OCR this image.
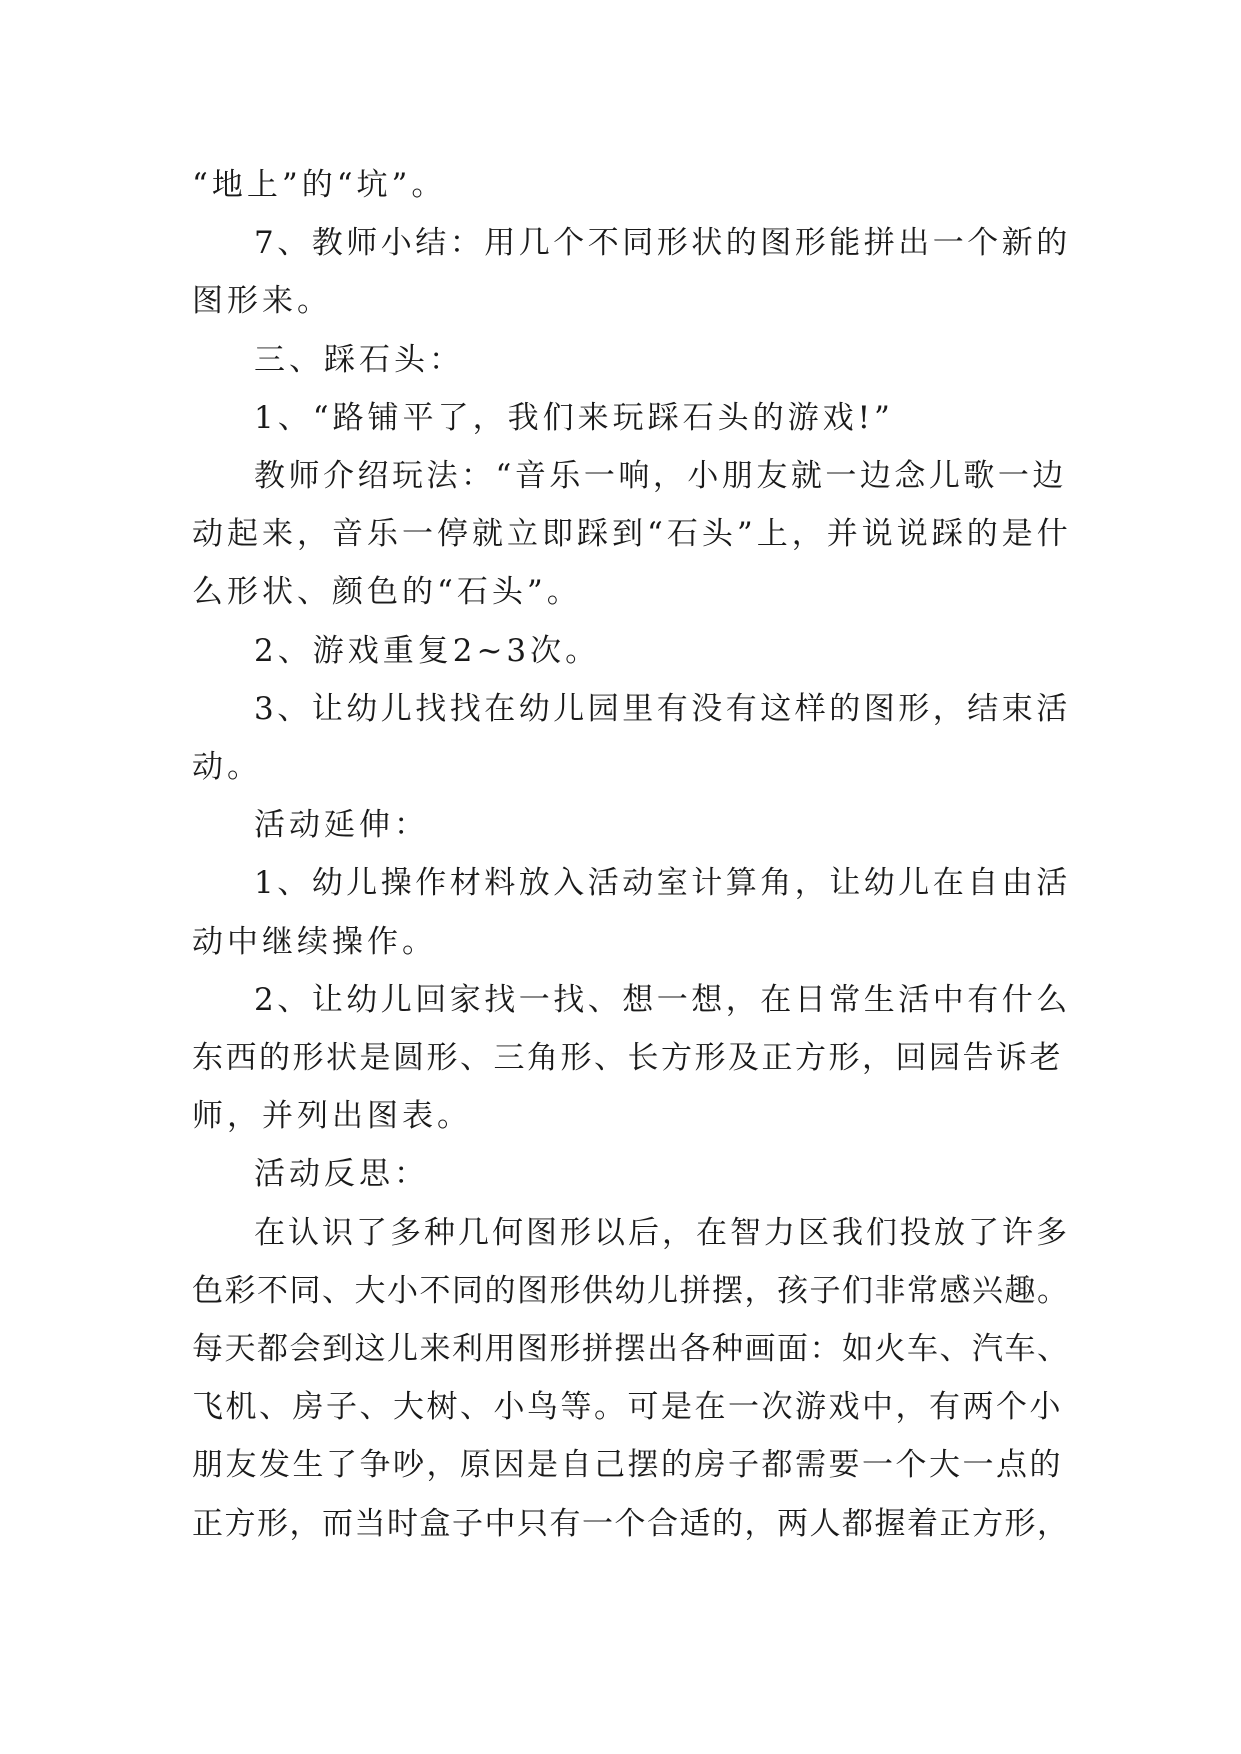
“地上”的“坑”。
7、教师小结：用几个不同形状的图形能拼出一个新的
图形来。
三、踩石头：
1、“路铺平了，我们来玩踩石头的游戏!”
教师介绍玩法：“音乐一响，小朋友就一边念儿歌一边
动起来，音乐一停就立即踩到“石头”上，并说说踩的是什
么形状、颜色的“石头”。
2、游戏重复2~3次。
3、让幼儿找找在幼儿园里有没有这样的图形，结束活
动。
活动延伸：
1、幼儿操作材料放入活动室计算角，让幼儿在自由活
动中继续操作。
2、让幼儿回家找一找、想一想，在日常生活中有什么
东西的形状是圆形、三角形、长方形及正方形，回园告诉老
师，并列出图表。
活动反思：
在认识了多种几何图形以后，在智力区我们投放了许多
色彩不同、大小不同的图形供幼儿拼摆，孩子们非常感兴趣。
每天都会到这儿来利用图形拼摆出各种画面：如火车、汽车、
飞机、房子、大树、小鸟等。可是在一次游戏中，有两个小
朋友发生了争吵，原因是自己摆的房子都需要一个大一点的
正方形，而当时盒子中只有一个合适的，两人都握着正方形，
